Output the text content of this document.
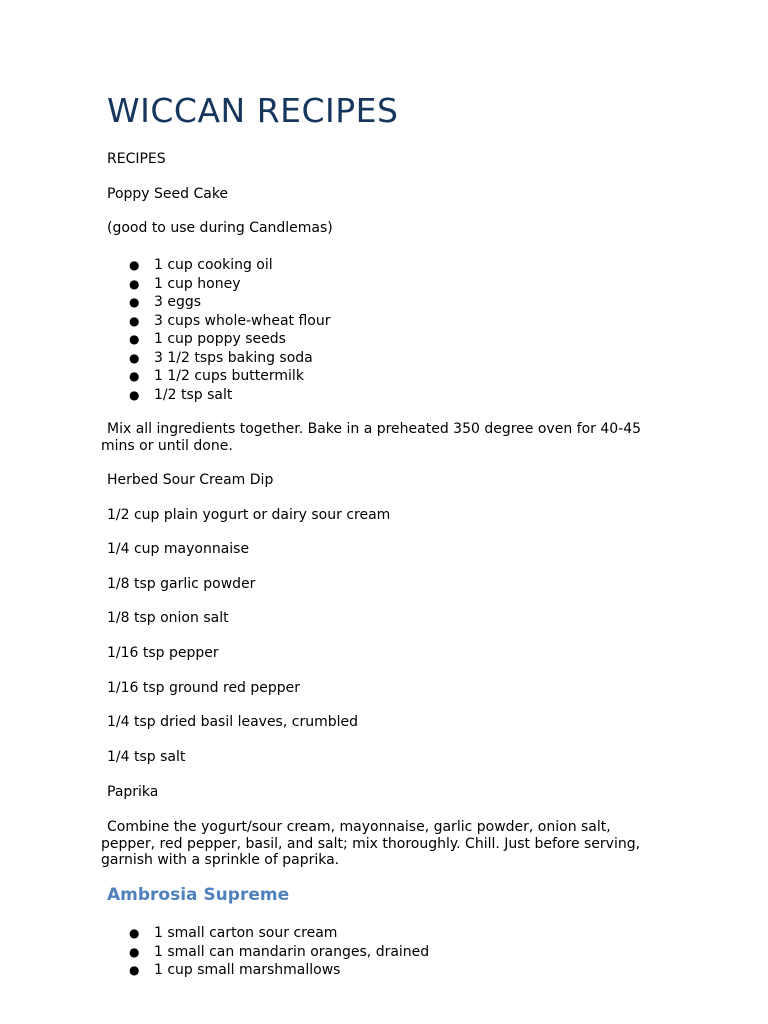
WICCAN RECIPES
RECIPES
Poppy Seed Cake
(good to use during Candlemas)
● 1 cup cooking oil
● 1 cup honey
● 3 eggs
● 3 cups whole-wheat flour
● 1 cup poppy seeds
● 3 1/2 tsps baking soda
● 1 1/2 cups buttermilk
● 1/2 tsp salt
Mix all ingredients together. Bake in a preheated 350 degree oven for 40-45 mins or until done.
Herbed Sour Cream Dip
1/2 cup plain yogurt or dairy sour cream
1/4 cup mayonnaise
1/8 tsp garlic powder
1/8 tsp onion salt
1/16 tsp pepper
1/16 tsp ground red pepper
1/4 tsp dried basil leaves, crumbled
1/4 tsp salt
Paprika
Combine the yogurt/sour cream, mayonnaise, garlic powder, onion salt, pepper, red pepper, basil, and salt; mix thoroughly. Chill. Just before serving, garnish with a sprinkle of paprika.
Ambrosia Supreme
● 1 small carton sour cream
● 1 small can mandarin oranges, drained
● 1 cup small marshmallows
